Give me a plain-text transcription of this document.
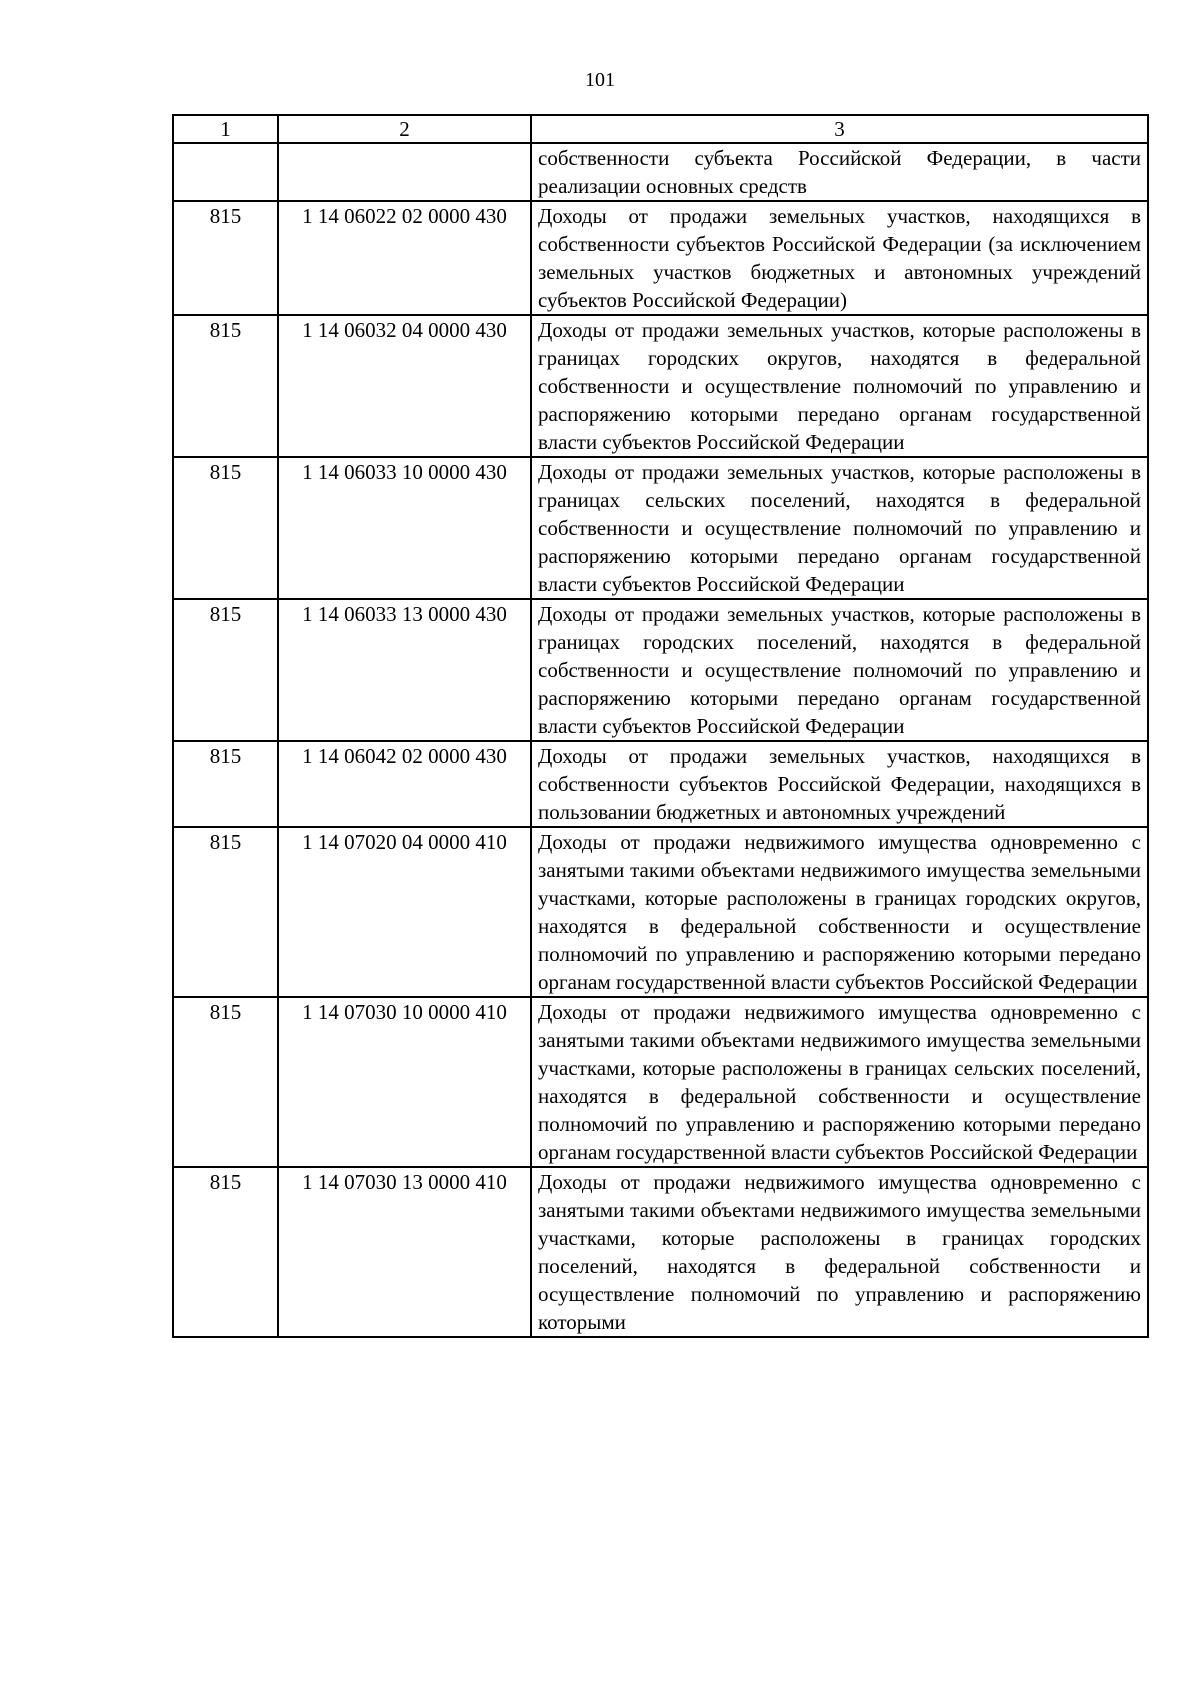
101
1	2	3
		собственности субъекта Российской Федерации, в части реализации основных средств
815	1 14 06022 02 0000 430	Доходы от продажи земельных участков, находящихся в собственности субъектов Российской Федерации (за исключением земельных участков бюджетных и автономных учреждений субъектов Российской Федерации)
815	1 14 06032 04 0000 430	Доходы от продажи земельных участков, которые расположены в границах городских округов, находятся в федеральной собственности и осуществление полномочий по управлению и распоряжению которыми передано органам государственной власти субъектов Российской Федерации
815	1 14 06033 10 0000 430	Доходы от продажи земельных участков, которые расположены в границах сельских поселений, находятся в федеральной собственности и осуществление полномочий по управлению и распоряжению которыми передано органам государственной власти субъектов Российской Федерации
815	1 14 06033 13 0000 430	Доходы от продажи земельных участков, которые расположены в границах городских поселений, находятся в федеральной собственности и осуществление полномочий по управлению и распоряжению которыми передано органам государственной власти субъектов Российской Федерации
815	1 14 06042 02 0000 430	Доходы от продажи земельных участков, находящихся в собственности субъектов Российской Федерации, находящихся в пользовании бюджетных и автономных учреждений
815	1 14 07020 04 0000 410	Доходы от продажи недвижимого имущества одновременно с занятыми такими объектами недвижимого имущества земельными участками, которые расположены в границах городских округов, находятся в федеральной собственности и осуществление полномочий по управлению и распоряжению которыми передано органам государственной власти субъектов Российской Федерации
815	1 14 07030 10 0000 410	Доходы от продажи недвижимого имущества одновременно с занятыми такими объектами недвижимого имущества земельными участками, которые расположены в границах сельских поселений, находятся в федеральной собственности и осуществление полномочий по управлению и распоряжению которыми передано органам государственной власти субъектов Российской Федерации
815	1 14 07030 13 0000 410	Доходы от продажи недвижимого имущества одновременно с занятыми такими объектами недвижимого имущества земельными участками, которые расположены в границах городских поселений, находятся в федеральной собственности и осуществление полномочий по управлению и распоряжению которыми
